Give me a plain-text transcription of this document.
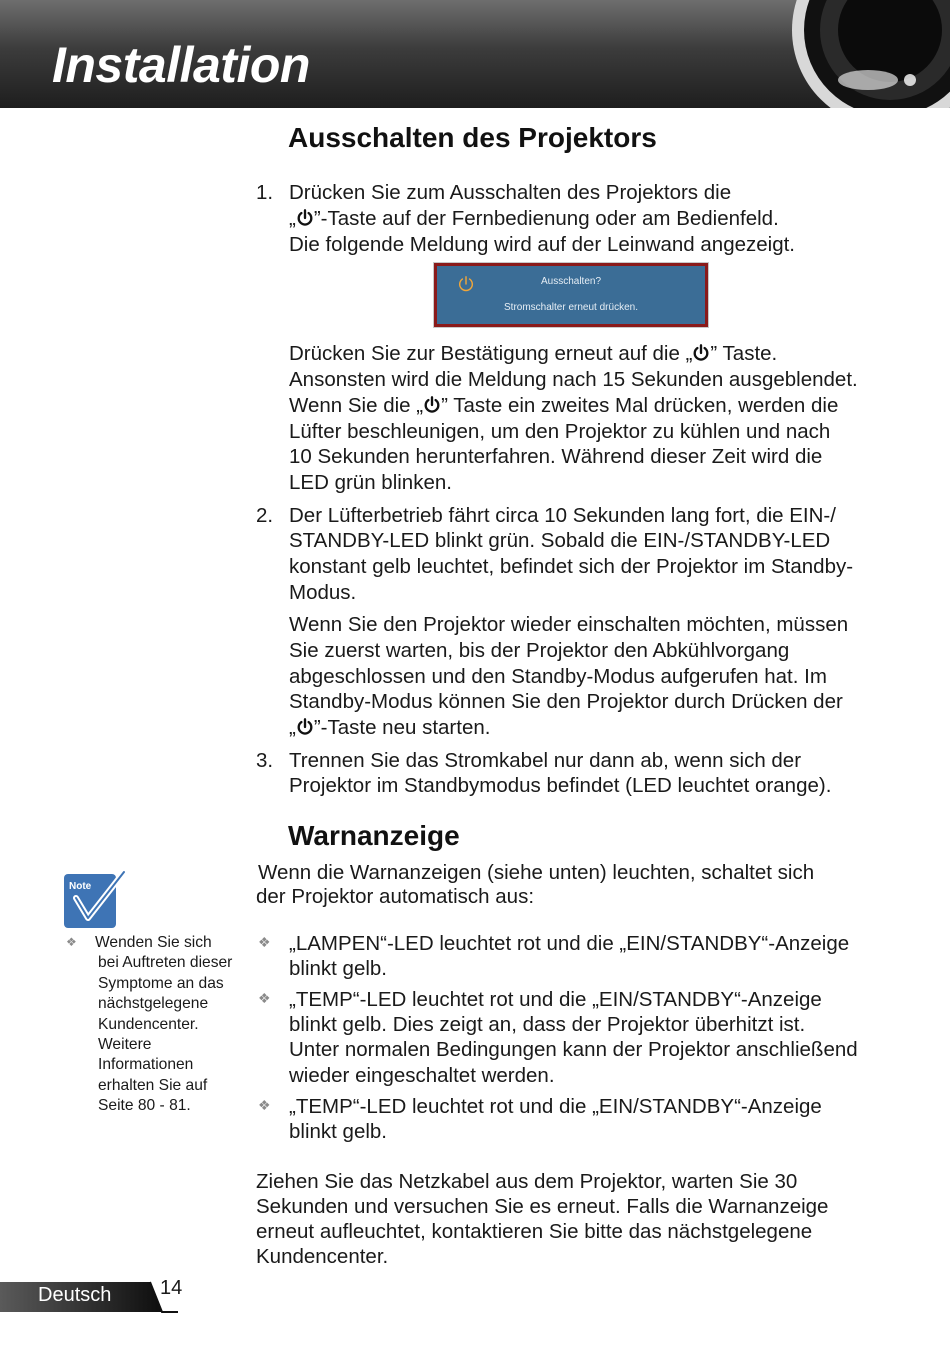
Installation
Ausschalten des Projektors
1. Drücken Sie zum Ausschalten des Projektors die

„ ”-Taste auf der Fernbedienung oder am Bedienfeld.

Die folgende Meldung wird auf der Leinwand angezeigt.

Ausschalten?
Stromschalter erneut drücken.

Drücken Sie zur Bestätigung erneut auf die „ ” Taste.

Ansonsten wird die Meldung nach 15 Sekunden ausgeblendet.

Wenn Sie die „ ” Taste ein zweites Mal drücken, werden die

Lüfter beschleunigen, um den Projektor zu kühlen und nach

10 Sekunden herunterfahren. Während dieser Zeit wird die

LED grün blinken.

2. Der Lüfterbetrieb fährt circa 10 Sekunden lang fort, die EIN-/

STANDBY-LED blinkt grün. Sobald die EIN-/STANDBY-LED

konstant gelb leuchtet, befindet sich der Projektor im Standby-

Modus.

Wenn Sie den Projektor wieder einschalten möchten, müssen

Sie zuerst warten, bis der Projektor den Abkühlvorgang

abgeschlossen und den Standby-Modus aufgerufen hat. Im

Standby-Modus können Sie den Projektor durch Drücken der

„ ”-Taste neu starten.

3. Trennen Sie das Stromkabel nur dann ab, wenn sich der

Projektor im Standbymodus befindet (LED leuchtet orange).

Warnanzeige

Wenn die Warnanzeigen (siehe unten) leuchten, schaltet sich

der Projektor automatisch aus:

❖ „LAMPEN“-LED leuchtet rot und die „EIN/STANDBY“-Anzeige

blinkt gelb.

❖ „TEMP“-LED leuchtet rot und die „EIN/STANDBY“-Anzeige

blinkt gelb. Dies zeigt an, dass der Projektor überhitzt ist.

Unter normalen Bedingungen kann der Projektor anschließend

wieder eingeschaltet werden.

❖ „TEMP“-LED leuchtet rot und die „EIN/STANDBY“-Anzeige

blinkt gelb.

Ziehen Sie das Netzkabel aus dem Projektor, warten Sie 30

Sekunden und versuchen Sie es erneut. Falls die Warnanzeige

erneut aufleuchtet, kontaktieren Sie bitte das nächstgelegene

Kundencenter.

Note
❖ Wenden Sie sich
bei Auftreten dieser
Symptome an das
nächstgelegene
Kundencenter.
Weitere
Informationen
erhalten Sie auf
Seite 80 - 81.
Deutsch 14
